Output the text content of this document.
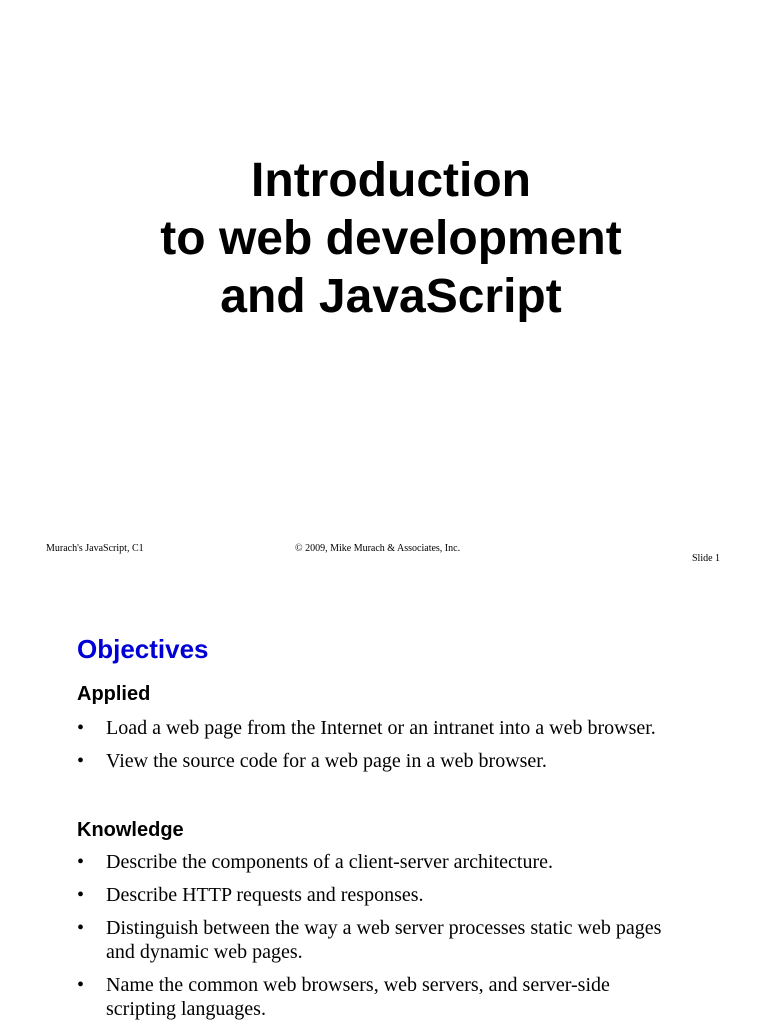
Introduction
to web development
and JavaScript
Murach's JavaScript, C1	© 2009, Mike Murach & Associates, Inc.
Slide 1
Objectives
Applied
• Load a web page from the Internet or an intranet into a web browser.
• View the source code for a web page in a web browser.
Knowledge
• Describe the components of a client-server architecture.
• Describe HTTP requests and responses.
• Distinguish between the way a web server processes static web pages and dynamic web pages.
• Name the common web browsers, web servers, and server-side scripting languages.
